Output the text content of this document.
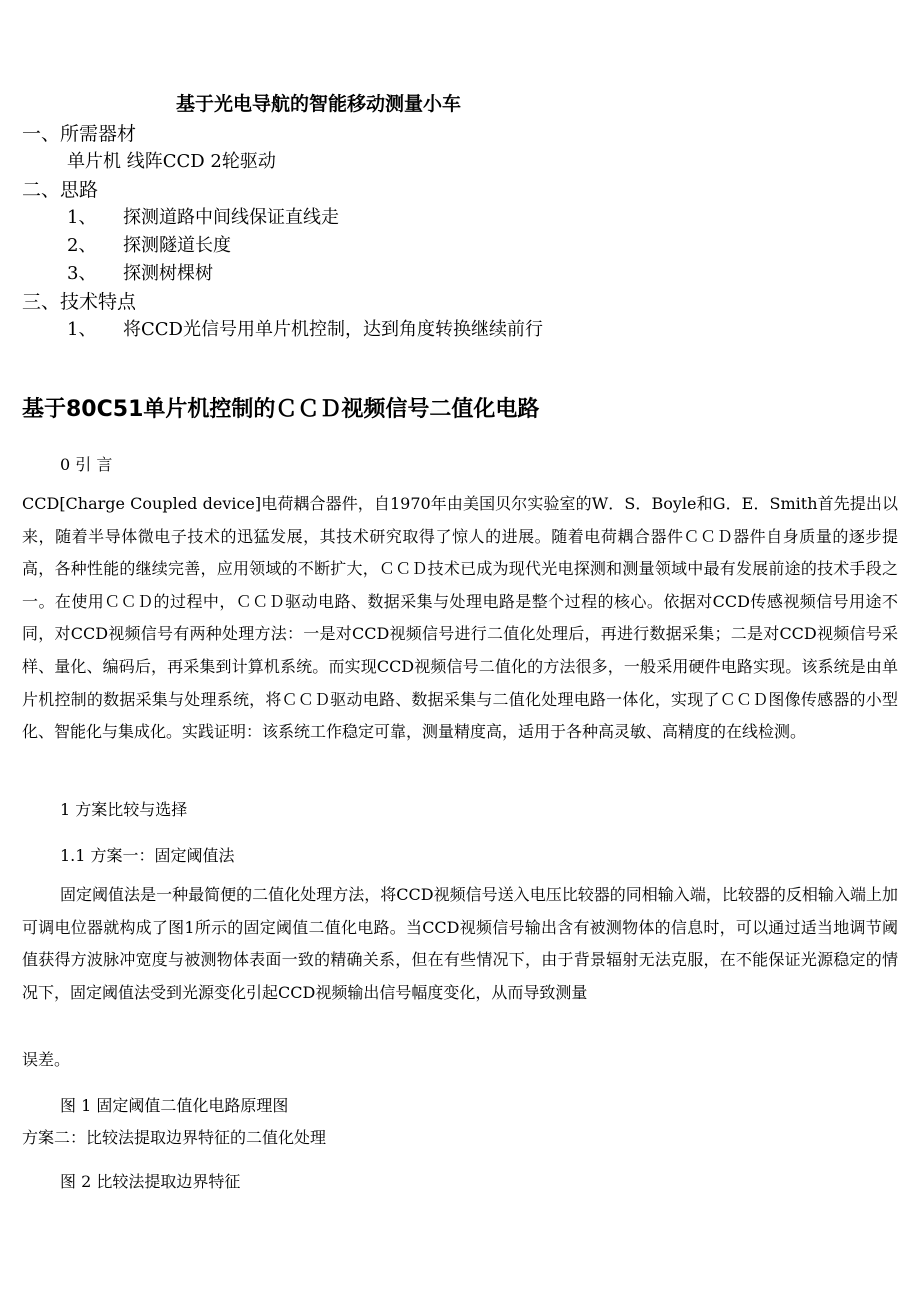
基于光电导航的智能移动测量小车

一、所需器材

单片机 线阵CCD 2轮驱动

二、思路

1、 探测道路中间线保证直线走

2、 探测隧道长度

3、 探测树棵树

三、技术特点

1、 将CCD光信号用单片机控制，达到角度转换继续前行

基于80C51单片机控制的ＣＣＤ视频信号二值化电路

0 引 言

CCD[Charge Coupled device]电荷耦合器件，自1970年由美国贝尔实验室的W．S．Boyle和G．E．Smith首先提出以来，随着半导体微电子技术的迅猛发展，其技术研究取得了惊人的进展。随着电荷耦合器件ＣＣＤ器件自身质量的逐步提高，各种性能的继续完善，应用领域的不断扩大，ＣＣＤ技术已成为现代光电探测和测量领域中最有发展前途的技术手段之一。在使用ＣＣＤ的过程中，ＣＣＤ驱动电路、数据采集与处理电路是整个过程的核心。依据对CCD传感视频信号用途不同，对CCD视频信号有两种处理方法：一是对CCD视频信号进行二值化处理后，再进行数据采集；二是对CCD视频信号采样、量化、编码后，再采集到计算机系统。而实现CCD视频信号二值化的方法很多，一般采用硬件电路实现。该系统是由单片机控制的数据采集与处理系统，将ＣＣＤ驱动电路、数据采集与二值化处理电路一体化，实现了ＣＣＤ图像传感器的小型化、智能化与集成化。实践证明：该系统工作稳定可靠，测量精度高，适用于各种高灵敏、高精度的在线检测。

1 方案比较与选择

1.1 方案一：固定阈值法

固定阈值法是一种最简便的二值化处理方法，将CCD视频信号送入电压比较器的同相输入端，比较器的反相输入端上加可调电位器就构成了图1所示的固定阈值二值化电路。当CCD视频信号输出含有被测物体的信息时，可以通过适当地调节阈值获得方波脉冲宽度与被测物体表面一致的精确关系，但在有些情况下，由于背景辐射无法克服，在不能保证光源稳定的情况下，固定阈值法受到光源变化引起CCD视频输出信号幅度变化，从而导致测量

误差。

图 1 固定阈值二值化电路原理图

方案二：比较法提取边界特征的二值化处理

图 2 比较法提取边界特征
